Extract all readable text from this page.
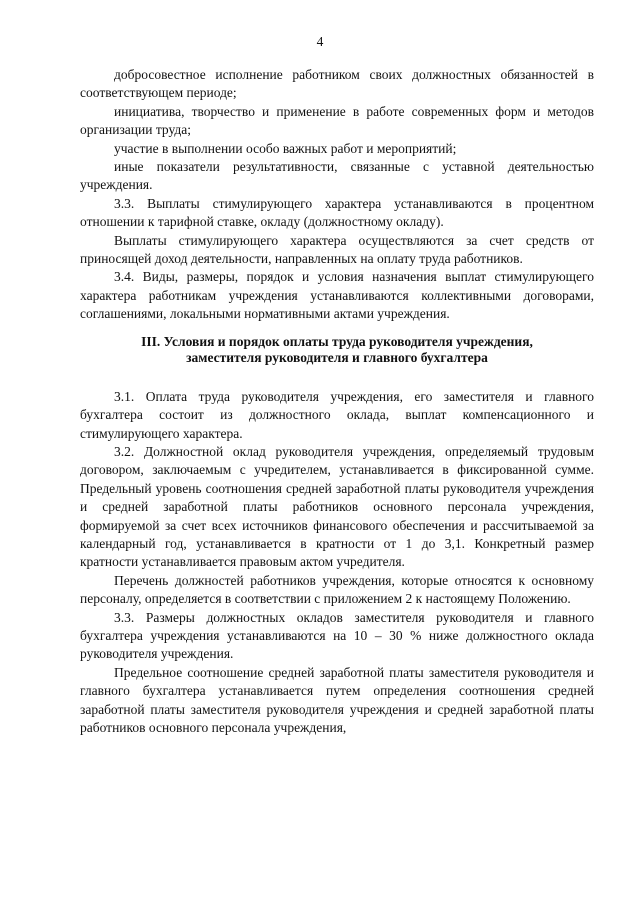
4

добросовестное исполнение работником своих должностных обязанностей в соответствующем периоде;

инициатива, творчество и применение в работе современных форм и методов организации труда;

участие в выполнении особо важных работ и мероприятий;

иные показатели результативности, связанные с уставной деятельностью учреждения.

3.3. Выплаты стимулирующего характера устанавливаются в процентном отношении к тарифной ставке, окладу (должностному окладу).

Выплаты стимулирующего характера осуществляются за счет средств от приносящей доход деятельности, направленных на оплату труда работников.

3.4. Виды, размеры, порядок и условия назначения выплат стимулирующего характера работникам учреждения устанавливаются коллективными договорами, соглашениями, локальными нормативными актами учреждения.

III. Условия и порядок оплаты труда руководителя учреждения,
заместителя руководителя и главного бухгалтера

3.1. Оплата труда руководителя учреждения, его заместителя и главного бухгалтера состоит из должностного оклада, выплат компенсационного и стимулирующего характера.

3.2. Должностной оклад руководителя учреждения, определяемый трудовым договором, заключаемым с учредителем, устанавливается в фиксированной сумме. Предельный уровень соотношения средней заработной платы руководителя учреждения и средней заработной платы работников основного персонала учреждения, формируемой за счет всех источников финансового обеспечения и рассчитываемой за календарный год, устанавливается в кратности от 1 до 3,1. Конкретный размер кратности устанавливается правовым актом учредителя.

Перечень должностей работников учреждения, которые относятся к основному персоналу, определяется в соответствии с приложением 2 к настоящему Положению.

3.3. Размеры должностных окладов заместителя руководителя и главного бухгалтера учреждения устанавливаются на 10 – 30 % ниже должностного оклада руководителя учреждения.

Предельное соотношение средней заработной платы заместителя руководителя и главного бухгалтера устанавливается путем определения соотношения средней заработной платы заместителя руководителя учреждения и средней заработной платы работников основного персонала учреждения,
